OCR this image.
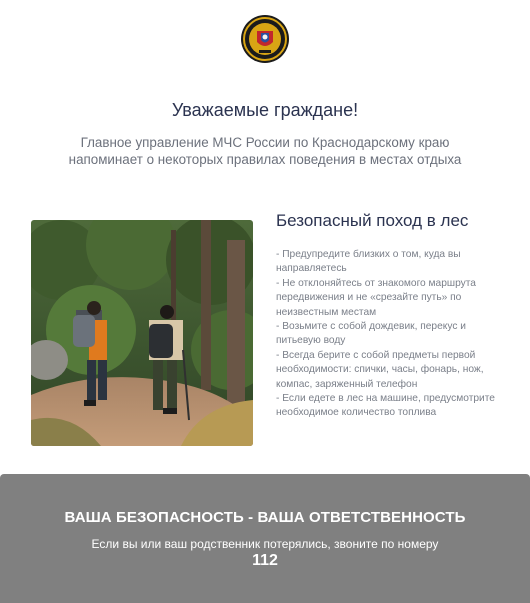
Уважаемые граждане!
Главное управление МЧС России по Краснодарскому краю
напоминает о некоторых правилах поведения в местах отдыха
Безопасный поход в лес
- Предупредите близких о том, куда вы направляетесь
- Не отклоняйтесь от знакомого маршрута передвижения и не «срезайте путь» по неизвестным местам
- Возьмите с собой дождевик, перекус и питьевую воду
- Всегда берите с собой предметы первой необходимости: спички, часы, фонарь, нож, компас, заряженный телефон
- Если едете в лес на машине, предусмотрите необходимое количество топлива
ВАША БЕЗОПАСНОСТЬ - ВАША ОТВЕТСТВЕННОСТЬ
Если вы или ваш родственник потерялись, звоните по номеру
112
